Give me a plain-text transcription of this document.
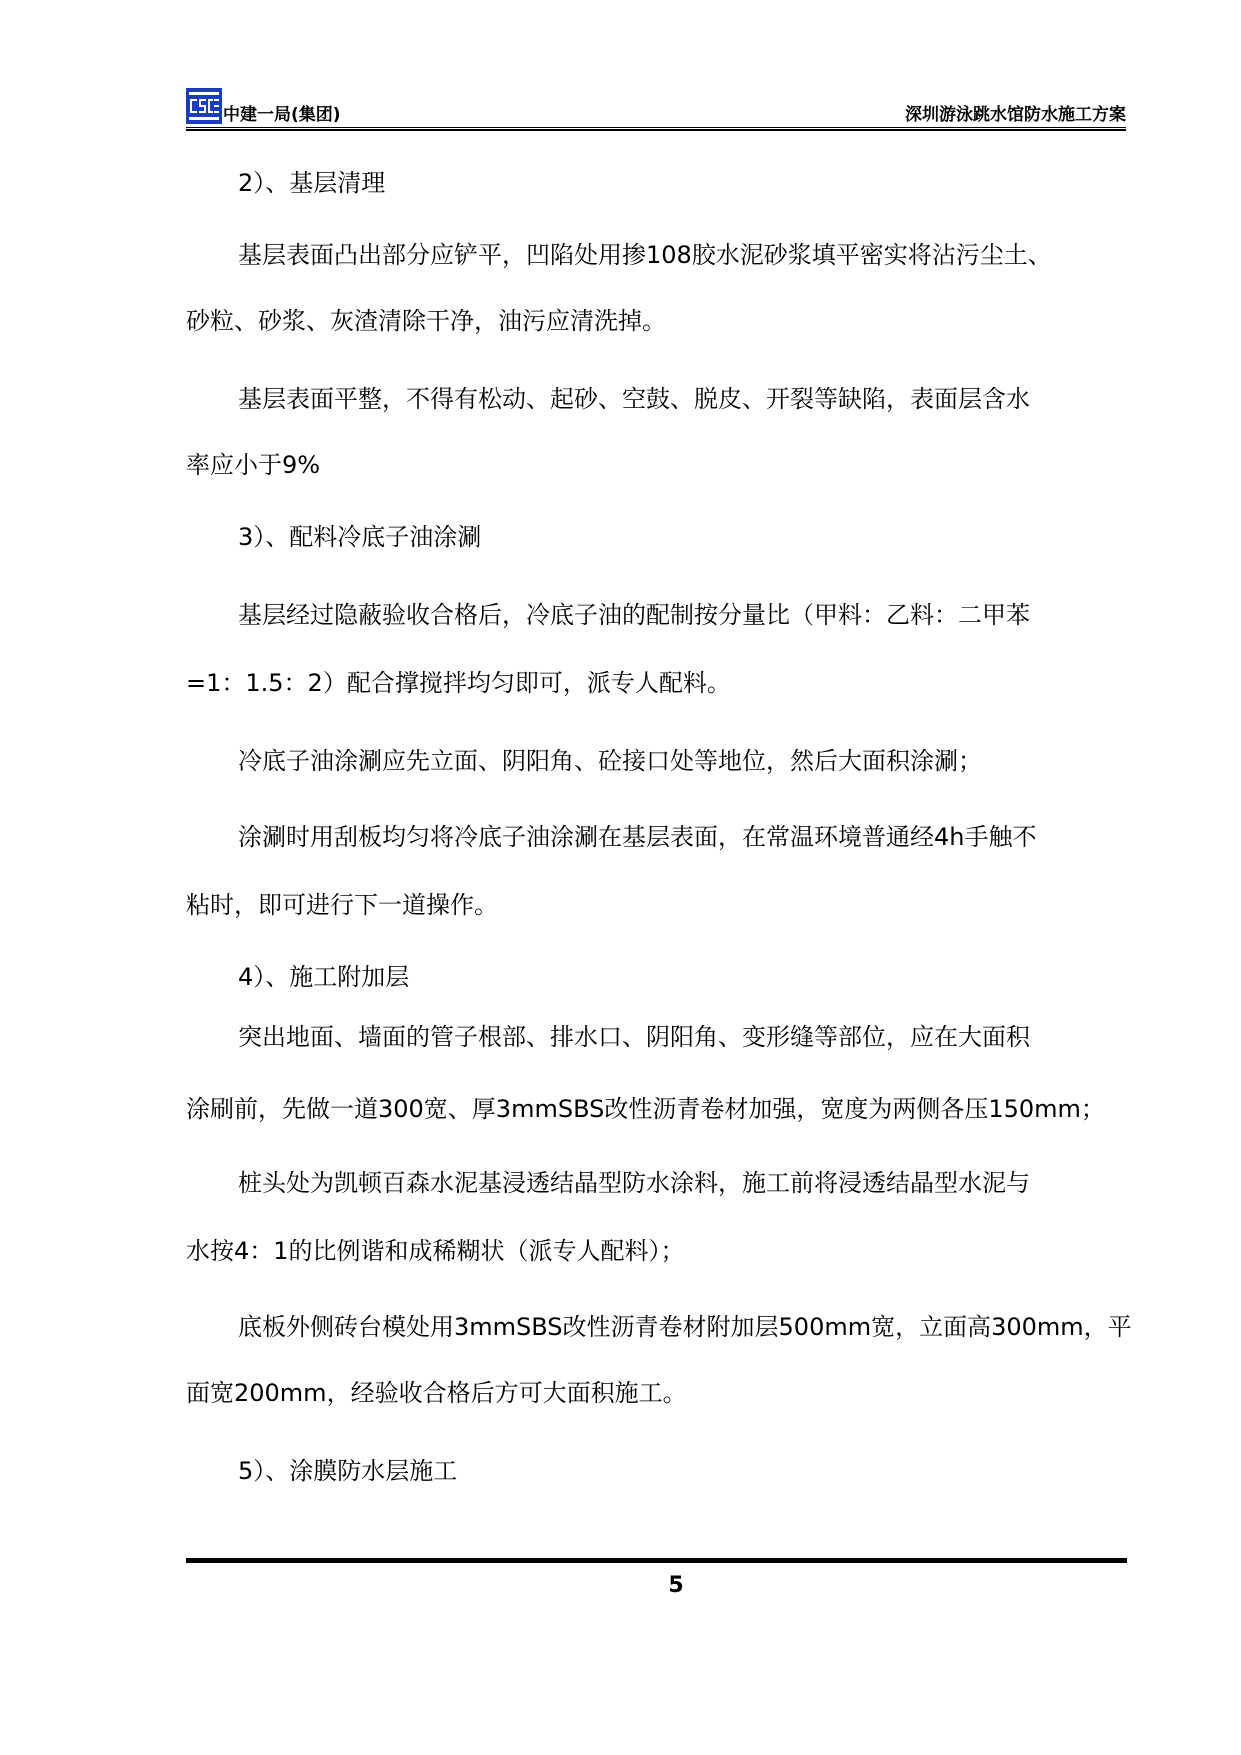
中建一局(集团)	深圳游泳跳水馆防水施工方案
2）、基层清理
基层表面凸出部分应铲平，凹陷处用掺108胶水泥砂浆填平密实将沾污尘土、
砂粒、砂浆、灰渣清除干净，油污应清洗掉。
基层表面平整，不得有松动、起砂、空鼓、脱皮、开裂等缺陷，表面层含水
率应小于9%
3）、配料冷底子油涂涮
基层经过隐蔽验收合格后，冷底子油的配制按分量比（甲料：乙料：二甲苯
=1：1.5：2）配合撑搅拌均匀即可，派专人配料。
冷底子油涂涮应先立面、阴阳角、砼接口处等地位，然后大面积涂涮；
涂涮时用刮板均匀将冷底子油涂涮在基层表面，在常温环境普通经4h手触不
粘时，即可进行下一道操作。
4）、施工附加层
突出地面、墙面的管子根部、排水口、阴阳角、变形缝等部位，应在大面积
涂刷前，先做一道300宽、厚3mmSBS改性沥青卷材加强，宽度为两侧各压150mm；
桩头处为凯顿百森水泥基浸透结晶型防水涂料，施工前将浸透结晶型水泥与
水按4：1的比例谐和成稀糊状（派专人配料）；
底板外侧砖台模处用3mmSBS改性沥青卷材附加层500mm宽，立面高300mm，平
面宽200mm，经验收合格后方可大面积施工。
5）、涂膜防水层施工
5
